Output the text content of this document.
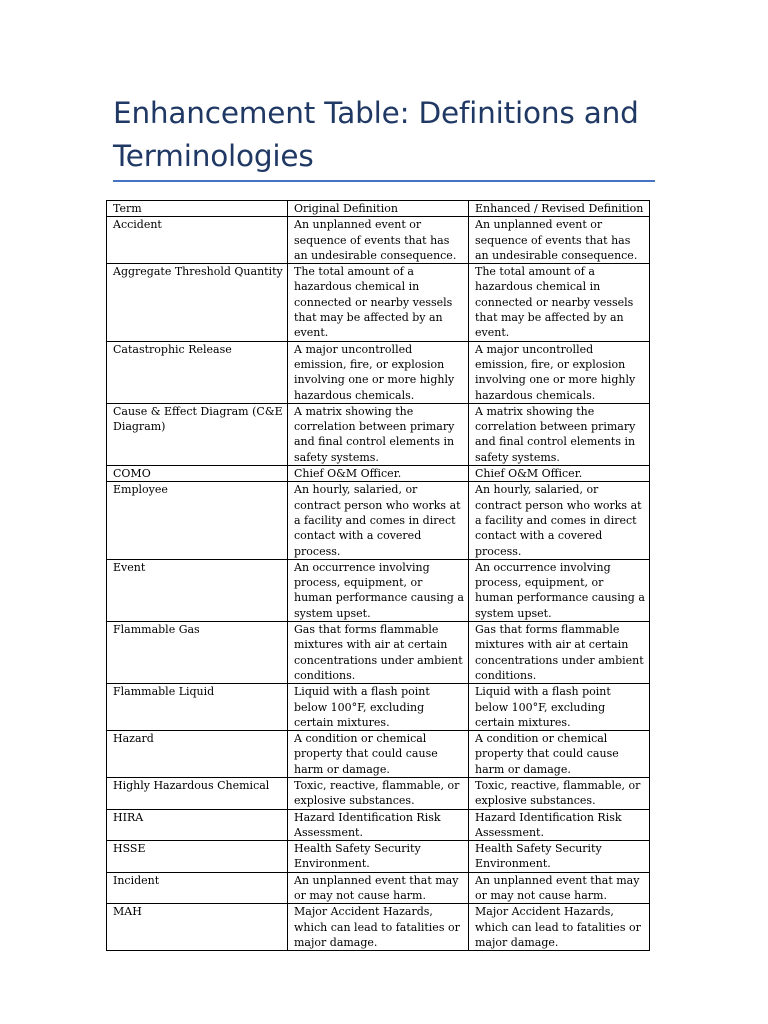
Enhancement Table: Definitions and Terminologies
Term	Original Definition	Enhanced / Revised Definition
Accident	An unplanned event or sequence of events that has an undesirable consequence.	An unplanned event or sequence of events that has an undesirable consequence.
Aggregate Threshold Quantity	The total amount of a hazardous chemical in connected or nearby vessels that may be affected by an event.	The total amount of a hazardous chemical in connected or nearby vessels that may be affected by an event.
Catastrophic Release	A major uncontrolled emission, fire, or explosion involving one or more highly hazardous chemicals.	A major uncontrolled emission, fire, or explosion involving one or more highly hazardous chemicals.
Cause & Effect Diagram (C&E Diagram)	A matrix showing the correlation between primary and final control elements in safety systems.	A matrix showing the correlation between primary and final control elements in safety systems.
COMO	Chief O&M Officer.	Chief O&M Officer.
Employee	An hourly, salaried, or contract person who works at a facility and comes in direct contact with a covered process.	An hourly, salaried, or contract person who works at a facility and comes in direct contact with a covered process.
Event	An occurrence involving process, equipment, or human performance causing a system upset.	An occurrence involving process, equipment, or human performance causing a system upset.
Flammable Gas	Gas that forms flammable mixtures with air at certain concentrations under ambient conditions.	Gas that forms flammable mixtures with air at certain concentrations under ambient conditions.
Flammable Liquid	Liquid with a flash point below 100°F, excluding certain mixtures.	Liquid with a flash point below 100°F, excluding certain mixtures.
Hazard	A condition or chemical property that could cause harm or damage.	A condition or chemical property that could cause harm or damage.
Highly Hazardous Chemical	Toxic, reactive, flammable, or explosive substances.	Toxic, reactive, flammable, or explosive substances.
HIRA	Hazard Identification Risk Assessment.	Hazard Identification Risk Assessment.
HSSE	Health Safety Security Environment.	Health Safety Security Environment.
Incident	An unplanned event that may or may not cause harm.	An unplanned event that may or may not cause harm.
MAH	Major Accident Hazards, which can lead to fatalities or major damage.	Major Accident Hazards, which can lead to fatalities or major damage.
